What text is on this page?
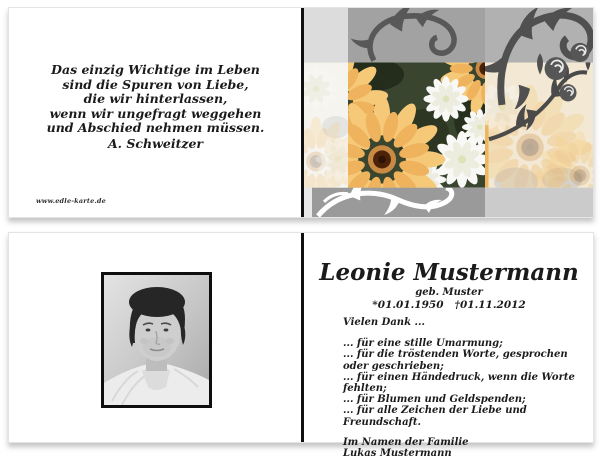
Das einzig Wichtige im Leben
sind die Spuren von Liebe,
die wir hinterlassen,
wenn wir ungefragt weggehen
und Abschied nehmen müssen.
A. Schweitzer
www.edle-karte.de
Leonie Mustermann
geb. Muster
*01.01.1950   †01.11.2012
Vielen Dank ...
... für eine stille Umarmung;
... für die tröstenden Worte, gesprochen oder geschrieben;
... für einen Händedruck, wenn die Worte fehlten;
... für Blumen und Geldspenden;
... für alle Zeichen der Liebe und Freundschaft.
Im Namen der Familie
Lukas Mustermann
